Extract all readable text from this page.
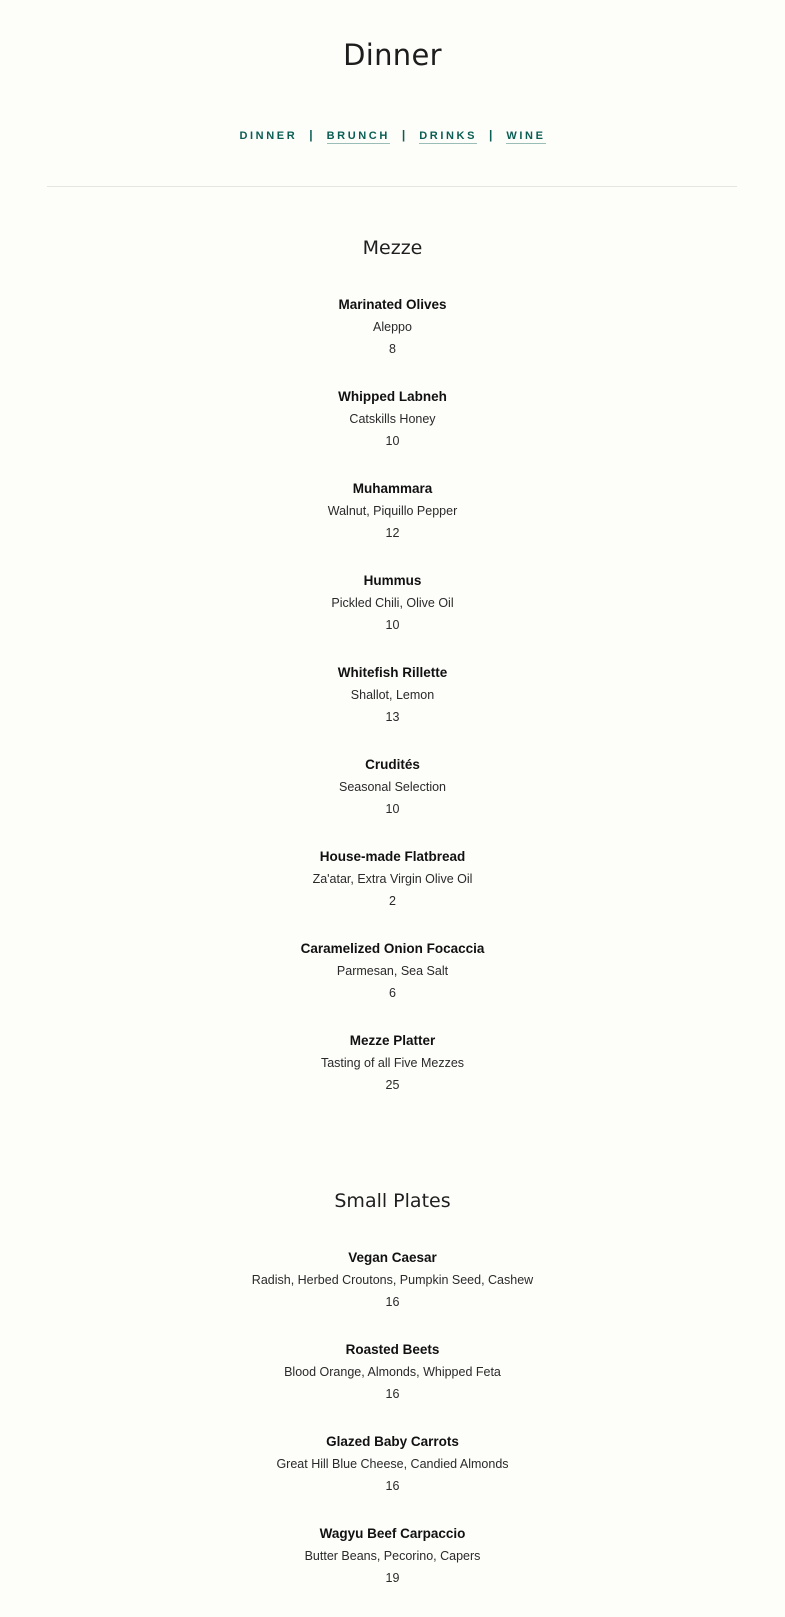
Dinner
DINNER | BRUNCH | DRINKS | WINE
Mezze
Marinated Olives
Aleppo
8
Whipped Labneh
Catskills Honey
10
Muhammara
Walnut, Piquillo Pepper
12
Hummus
Pickled Chili, Olive Oil
10
Whitefish Rillette
Shallot, Lemon
13
Crudités
Seasonal Selection
10
House-made Flatbread
Za'atar, Extra Virgin Olive Oil
2
Caramelized Onion Focaccia
Parmesan, Sea Salt
6
Mezze Platter
Tasting of all Five Mezzes
25
Small Plates
Vegan Caesar
Radish, Herbed Croutons, Pumpkin Seed, Cashew
16
Roasted Beets
Blood Orange, Almonds, Whipped Feta
16
Glazed Baby Carrots
Great Hill Blue Cheese, Candied Almonds
16
Wagyu Beef Carpaccio
Butter Beans, Pecorino, Capers
19
